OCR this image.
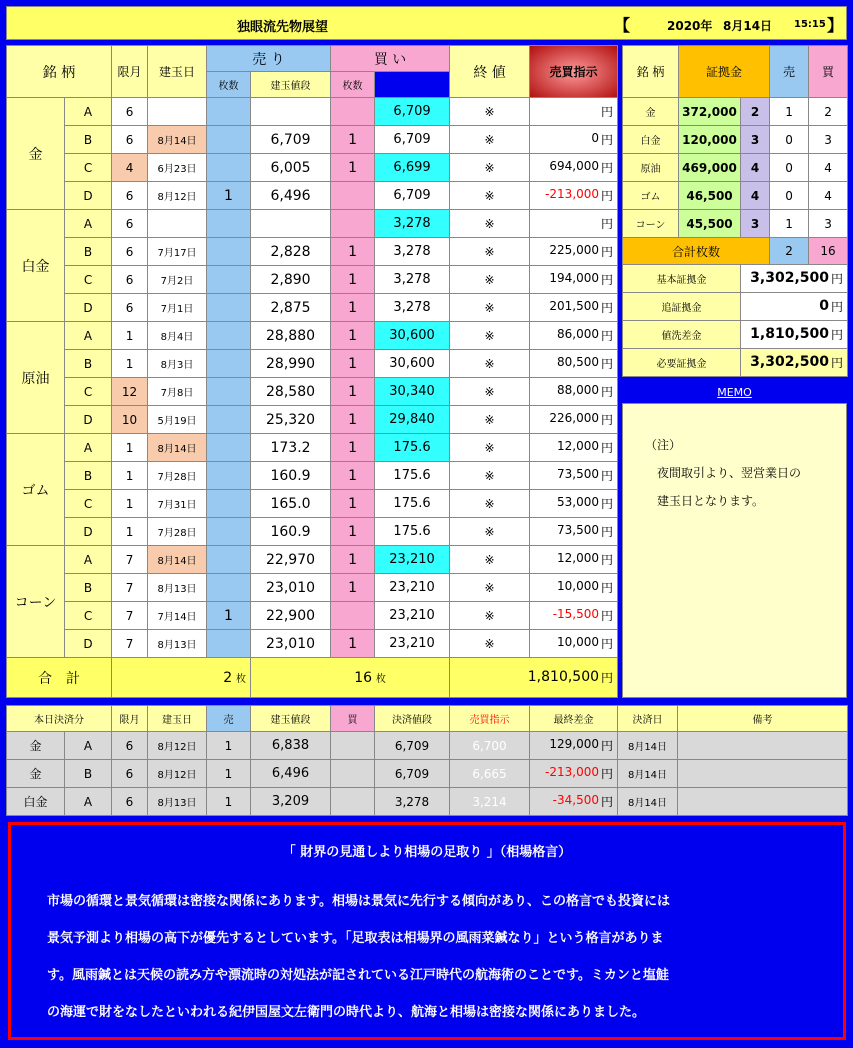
独眼流先物展望	【	2020年 8月14日 15:15 】
銘 柄		限月	建玉日	売 り		買 い		終 値	売買指示	
				枚数	建玉値段	枚数				
金	A	6					6,709	※	円	

	B	6	8月14日		6,709	1	6,709	※	0 円	

	C	4	6月23日		6,005	1	6,699	※	694,000 円	

	D	6	8月12日	1	6,496		6,709	※	-213,000 円	

白金	A	6					3,278	※	円	

	B	6	7月17日		2,828	1	3,278	※	225,000 円	

	C	6	7月2日		2,890	1	3,278	※	194,000 円	

	D	6	7月1日		2,875	1	3,278	※	201,500 円	

原油	A	1	8月4日		28,880	1	30,600	※	86,000 円	

	B	1	8月3日		28,990	1	30,600	※	80,500 円	

	C	12	7月8日		28,580	1	30,340	※	88,000 円	

	D	10	5月19日		25,320	1	29,840	※	226,000 円	

ゴム	A	1	8月14日		173.2	1	175.6	※	12,000 円	

	B	1	7月28日		160.9	1	175.6	※	73,500 円	

	C	1	7月31日		165.0	1	175.6	※	53,000 円	

	D	1	7月28日		160.9	1	175.6	※	73,500 円	

コーン	A	7	8月14日		22,970	1	23,210	※	12,000 円	

	B	7	8月13日		23,010	1	23,210	※	10,000 円	

	C	7	7月14日	1	22,900		23,210	※	-15,500 円	

	D	7	8月13日		23,010	1	23,210	※	10,000 円	

合　計		2 枚			16 枚			1,810,500 円		
銘 柄	証拠金		売	買
金	372,000	2	1	2
白金	120,000	3	0	3
原油	469,000	4	0	4
ゴム	46,500	4	0	4
コーン	45,500	3	1	3
合計枚数			2	16
基本証拠金		3,302,500 円		

追証拠金		0 円		

値洗差金		1,810,500 円		

必要証拠金		3,302,500 円		
MEMO
（注）
夜間取引より、翌営業日の
建玉日となります。
本日決済分		限月	建玉日	売	建玉値段	買	決済値段	売買指示	最終差金	決済日	備考
金	A	6	8月12日	1	6,838		6,709	6,700	129,000 円	8月14日	
金	B	6	8月12日	1	6,496		6,709	6,665	-213,000 円	8月14日	
白金	A	6	8月13日	1	3,209		3,278	3,214	-34,500 円	8月14日	
「 財界の見通しより相場の足取り 」（相場格言）
市場の循環と景気循環は密接な関係にあります。相場は景気に先行する傾向があり、この格言でも投資には
景気予測より相場の高下が優先するとしています。「足取表は相場界の風雨菜鍼なり」という格言がありま
す。風雨鍼とは天候の読み方や漂流時の対処法が記されている江戸時代の航海術のことです。ミカンと塩鮭
の海運で財をなしたといわれる紀伊国屋文左衛門の時代より、航海と相場は密接な関係にありました。
